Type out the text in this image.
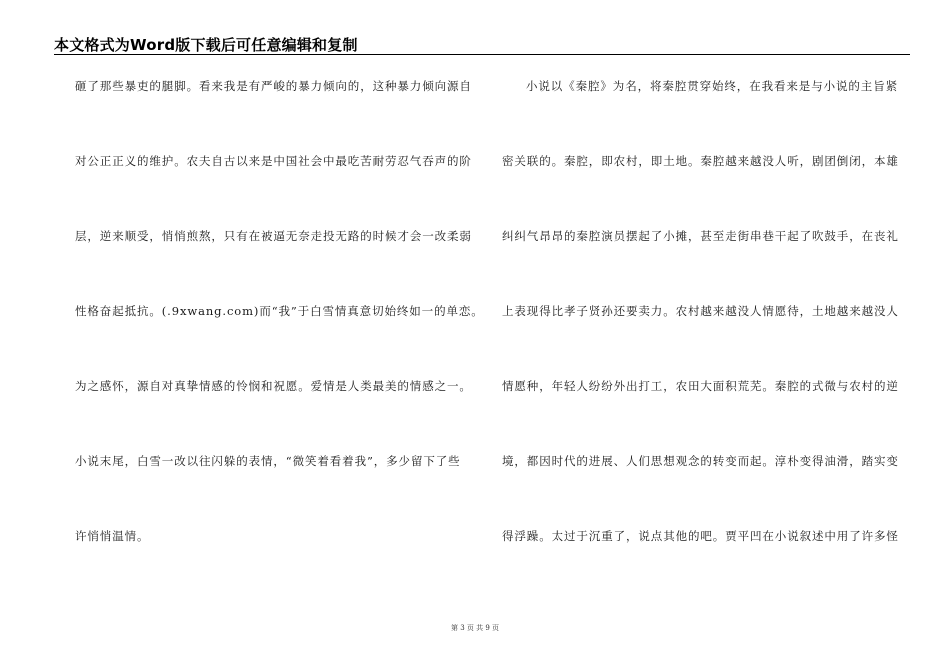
本文格式为Word版下载后可任意编辑和复制
砸了那些暴吏的腿脚。看来我是有严峻的暴力倾向的，这种暴力倾向源自
对公正正义的维护。农夫自古以来是中国社会中最吃苦耐劳忍气吞声的阶
层，逆来顺受，悄悄煎熬，只有在被逼无奈走投无路的时候才会一改柔弱
性格奋起抵抗。(.9xwang.com)而“我”于白雪情真意切始终如一的单恋。
为之感怀，源自对真挚情感的怜悯和祝愿。爱情是人类最美的情感之一。
小说末尾，白雪一改以往闪躲的表情，“微笑着看着我”，多少留下了些
许悄悄温情。
小说以《秦腔》为名，将秦腔贯穿始终，在我看来是与小说的主旨紧
密关联的。秦腔，即农村，即土地。秦腔越来越没人听，剧团倒闭，本雄
纠纠气昂昂的秦腔演员摆起了小摊，甚至走街串巷干起了吹鼓手，在丧礼
上表现得比孝子贤孙还要卖力。农村越来越没人情愿待，土地越来越没人
情愿种，年轻人纷纷外出打工，农田大面积荒芜。秦腔的式微与农村的逆
境，都因时代的进展、人们思想观念的转变而起。淳朴变得油滑，踏实变
得浮躁。太过于沉重了，说点其他的吧。贾平凹在小说叙述中用了许多怪
第 3 页 共 9 页
